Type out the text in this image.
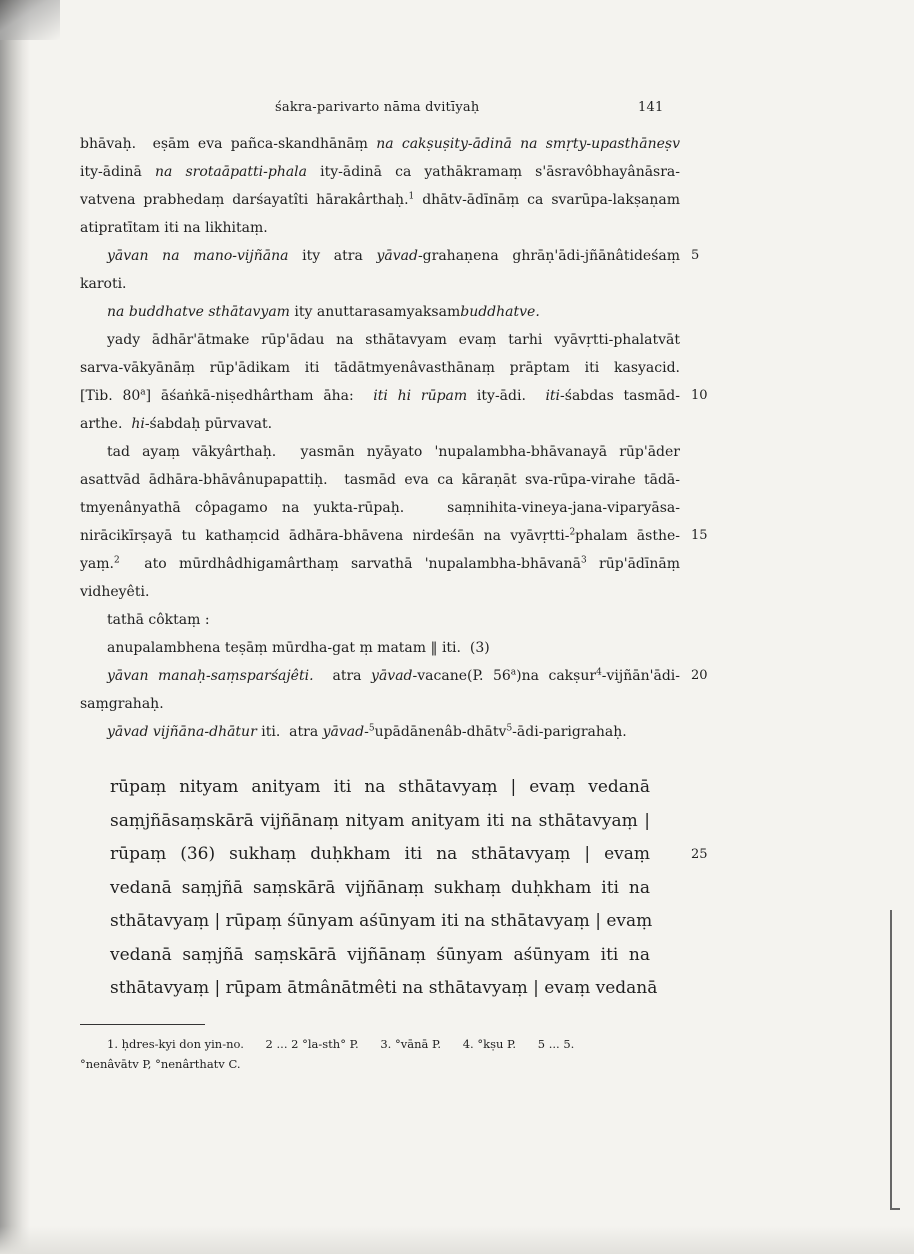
śakra-parivarto nāma dvitīyaḥ	141
bhāvaḥ.  eṣām eva pañca-skandhānāṃ na cakṣuṣity-ādinā na smṛty-upasthāneṣv
ity-ādinā na srotaāpatti-phala ity-ādinā ca yathākramaṃ s'āsravôbhayânāsra-
vatvena prabhedaṃ darśayatîti hārakârthaḥ.$^1$ dhātv-ādīnāṃ ca svarūpa-lakṣaṇam
atipratītam iti na likhitaṃ.
yāvan na mano-vijñāna ity atra yāvad-grahaṇena ghrāṇ'ādi-jñānâtideśaṃ 5
karoti.
na buddhatve sthātavyam ity anuttarasamyaksambuddhatve.
yady ādhār'ātmake rūp'ādau na sthātavyam evaṃ tarhi vyāvṛtti-phalatvāt
sarva-vākyānāṃ rūp'ādikam iti tādātmyenâvasthānaṃ prāptam iti kasyacid.
[Tib. 80$^a$] āśaṅkā-niṣedhârtham āha:  iti hi rūpam ity-ādi.  iti-śabdas tasmād- 10
arthe.  hi-śabdaḥ pūrvavat.
tad ayaṃ vākyârthaḥ.  yasmān nyāyato 'nupalambha-bhāvanayā rūp'āder
asattvād ādhāra-bhāvânupapattiḥ.  tasmād eva ca kāraṇāt sva-rūpa-virahe tādā-
tmyenânyathā côpagamo na yukta-rūpaḥ.   saṃnihita-vineya-jana-viparyāsa-
nirācikīrṣayā tu kathaṃcid ādhāra-bhāvena nirdeśān na vyāvṛtti-$^2$phalam āsthe- 15
yaṃ.$^2$  ato mūrdhâdhigamârthaṃ sarvathā 'nupalambha-bhāvanā$^3$ rūp'ādīnāṃ
vidheyêti.
tathā côktaṃ :
anupalambhena teṣāṃ mūrdha-gat ṃ matam ‖ iti.  (3)
yāvan manaḥ-saṃsparśajêti.  atra yāvad-vacane(P. 56$^a$)na cakṣur$^4$-vijñān'ādi- 20
saṃgrahaḥ.
yāvad vijñāna-dhātur iti.  atra yāvad-$^5$upādānenâb-dhātv$^5$-ādi-parigrahaḥ.
rūpaṃ nityam anityam iti na sthātavyaṃ | evaṃ vedanā
saṃjñāsaṃskārā vijñānaṃ nityam anityam iti na sthātavyaṃ |
rūpaṃ (36) sukhaṃ duḥkham iti na sthātavyaṃ | evaṃ	25
vedanā saṃjñā saṃskārā vijñānaṃ sukhaṃ duḥkham iti na
sthātavyaṃ | rūpaṃ śūnyam aśūnyam iti na sthātavyaṃ | evaṃ
vedanā saṃjñā saṃskārā vijñānaṃ śūnyam aśūnyam iti na
sthātavyaṃ | rūpam ātmânātmêti na sthātavyaṃ | evaṃ vedanā
1. ḥdres-kyi don yin-no. 2 ... 2 °la-sth° P. 3. °vānā P. 4. °kṣu P. 5 ... 5.
°nenâvātv P, °nenârthatv C.
